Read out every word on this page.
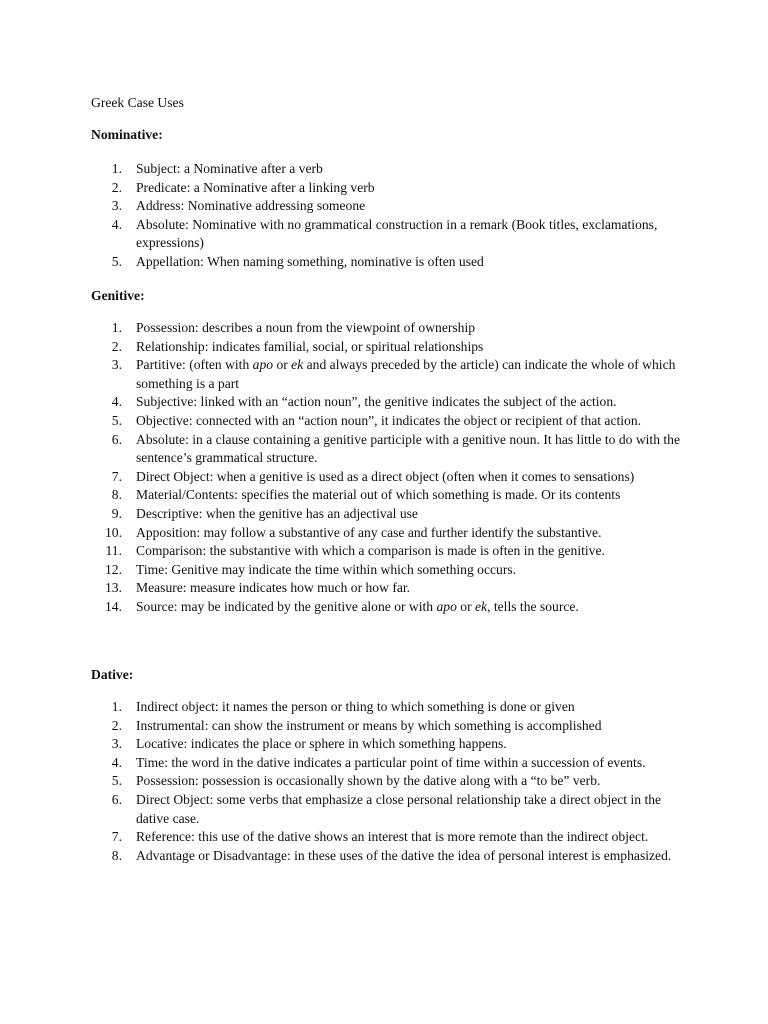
Greek Case Uses
Nominative:
1. Subject: a Nominative after a verb
2. Predicate: a Nominative after a linking verb
3. Address: Nominative addressing someone
4. Absolute: Nominative with no grammatical construction in a remark (Book titles, exclamations, expressions)
5. Appellation: When naming something, nominative is often used
Genitive:
1. Possession: describes a noun from the viewpoint of ownership
2. Relationship: indicates familial, social, or spiritual relationships
3. Partitive: (often with apo or ek and always preceded by the article) can indicate the whole of which something is a part
4. Subjective: linked with an “action noun”, the genitive indicates the subject of the action.
5. Objective: connected with an “action noun”, it indicates the object or recipient of that action.
6. Absolute: in a clause containing a genitive participle with a genitive noun. It has little to do with the sentence’s grammatical structure.
7. Direct Object: when a genitive is used as a direct object (often when it comes to sensations)
8. Material/Contents: specifies the material out of which something is made. Or its contents
9. Descriptive: when the genitive has an adjectival use
10. Apposition: may follow a substantive of any case and further identify the substantive.
11. Comparison: the substantive with which a comparison is made is often in the genitive.
12. Time: Genitive may indicate the time within which something occurs.
13. Measure: measure indicates how much or how far.
14. Source: may be indicated by the genitive alone or with apo or ek, tells the source.
Dative:
1. Indirect object: it names the person or thing to which something is done or given
2. Instrumental: can show the instrument or means by which something is accomplished
3. Locative: indicates the place or sphere in which something happens.
4. Time: the word in the dative indicates a particular point of time within a succession of events.
5. Possession: possession is occasionally shown by the dative along with a “to be” verb.
6. Direct Object: some verbs that emphasize a close personal relationship take a direct object in the dative case.
7. Reference: this use of the dative shows an interest that is more remote than the indirect object.
8. Advantage or Disadvantage: in these uses of the dative the idea of personal interest is emphasized.
